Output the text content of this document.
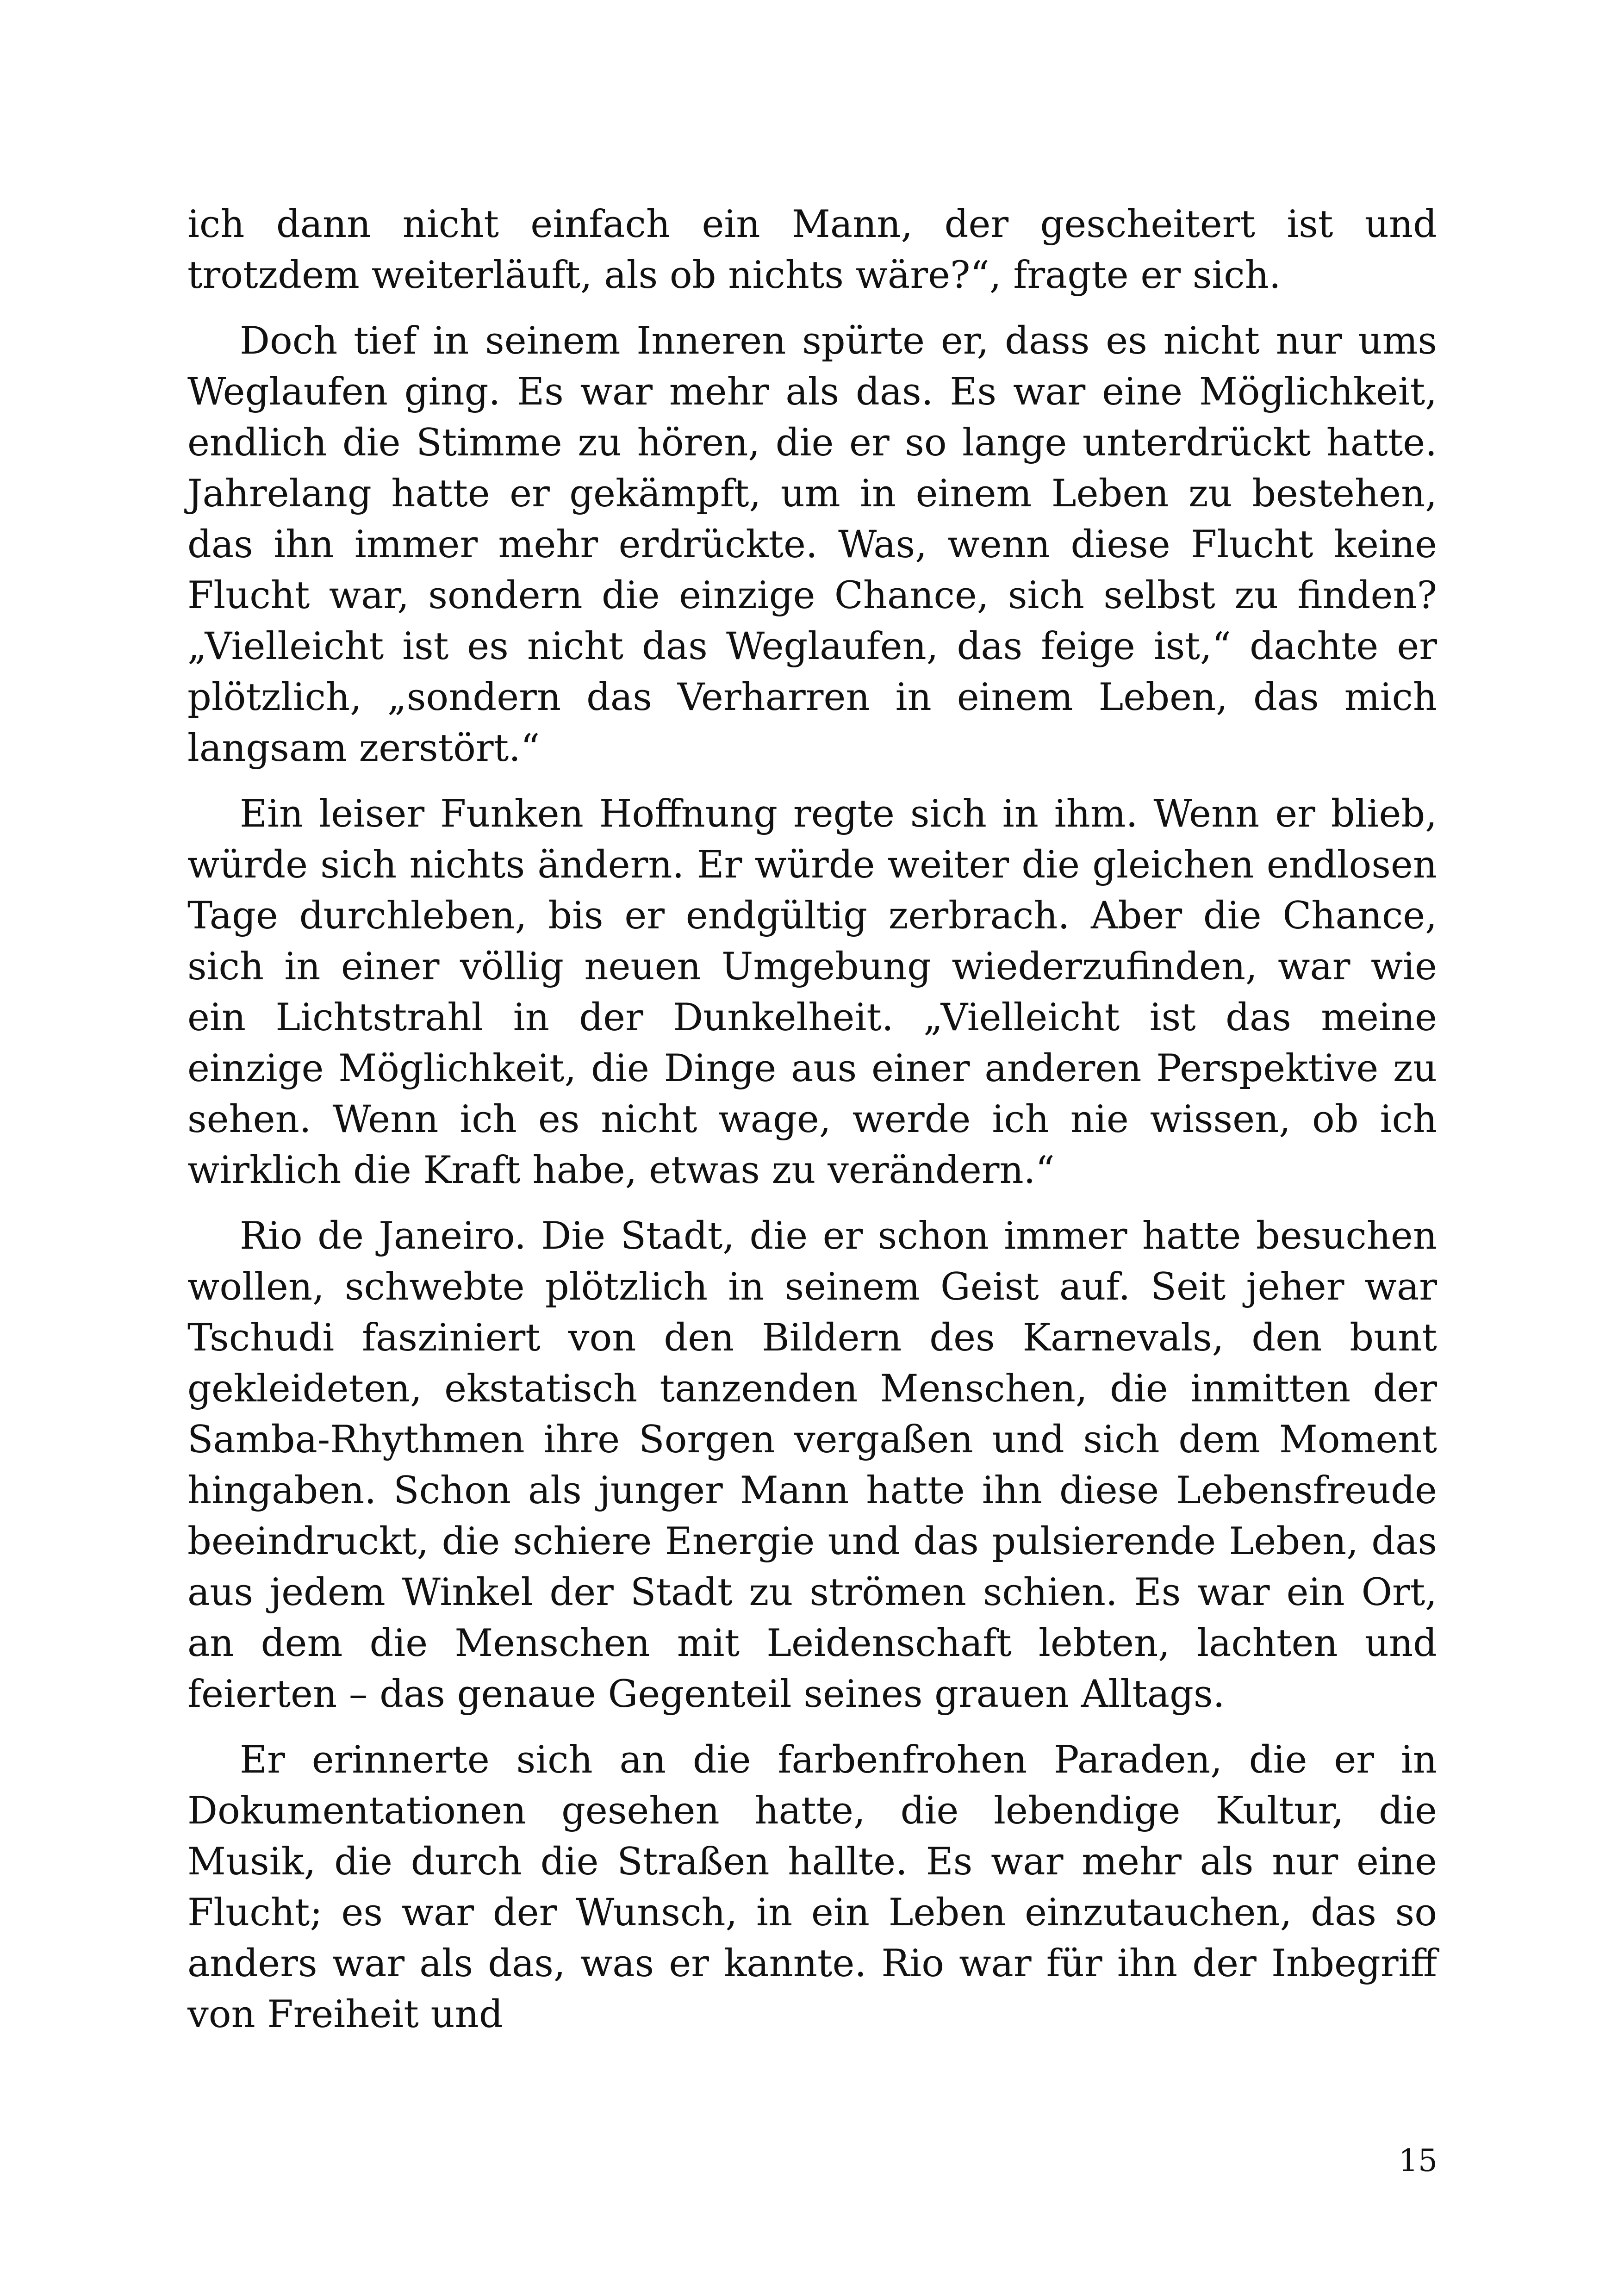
ich dann nicht einfach ein Mann, der gescheitert ist und trotzdem weiterläuft, als ob nichts wäre?“, fragte er sich.

Doch tief in seinem Inneren spürte er, dass es nicht nur ums Weglaufen ging. Es war mehr als das. Es war eine Möglichkeit, endlich die Stimme zu hören, die er so lange unterdrückt hatte. Jahrelang hatte er gekämpft, um in einem Leben zu bestehen, das ihn immer mehr erdrückte. Was, wenn diese Flucht keine Flucht war, sondern die einzige Chance, sich selbst zu finden? „Vielleicht ist es nicht das Weglaufen, das feige ist,“ dachte er plötzlich, „sondern das Verharren in einem Leben, das mich langsam zerstört.“

Ein leiser Funken Hoffnung regte sich in ihm. Wenn er blieb, würde sich nichts ändern. Er würde weiter die gleichen endlosen Tage durchleben, bis er endgültig zerbrach. Aber die Chance, sich in einer völlig neuen Umgebung wiederzufinden, war wie ein Lichtstrahl in der Dunkelheit. „Vielleicht ist das meine einzige Möglichkeit, die Dinge aus einer anderen Perspektive zu sehen. Wenn ich es nicht wage, werde ich nie wissen, ob ich wirklich die Kraft habe, etwas zu verändern.“

Rio de Janeiro. Die Stadt, die er schon immer hatte besuchen wollen, schwebte plötzlich in seinem Geist auf. Seit jeher war Tschudi fasziniert von den Bildern des Karnevals, den bunt gekleideten, ekstatisch tanzenden Menschen, die inmitten der Samba-Rhythmen ihre Sorgen vergaßen und sich dem Moment hingaben. Schon als junger Mann hatte ihn diese Lebensfreude beeindruckt, die schiere Energie und das pulsierende Leben, das aus jedem Winkel der Stadt zu strömen schien. Es war ein Ort, an dem die Menschen mit Leidenschaft lebten, lachten und feierten – das genaue Gegenteil seines grauen Alltags.

Er erinnerte sich an die farbenfrohen Paraden, die er in Dokumentationen gesehen hatte, die lebendige Kultur, die Musik, die durch die Straßen hallte. Es war mehr als nur eine Flucht; es war der Wunsch, in ein Leben einzutauchen, das so anders war als das, was er kannte. Rio war für ihn der Inbegriff von Freiheit und

15
